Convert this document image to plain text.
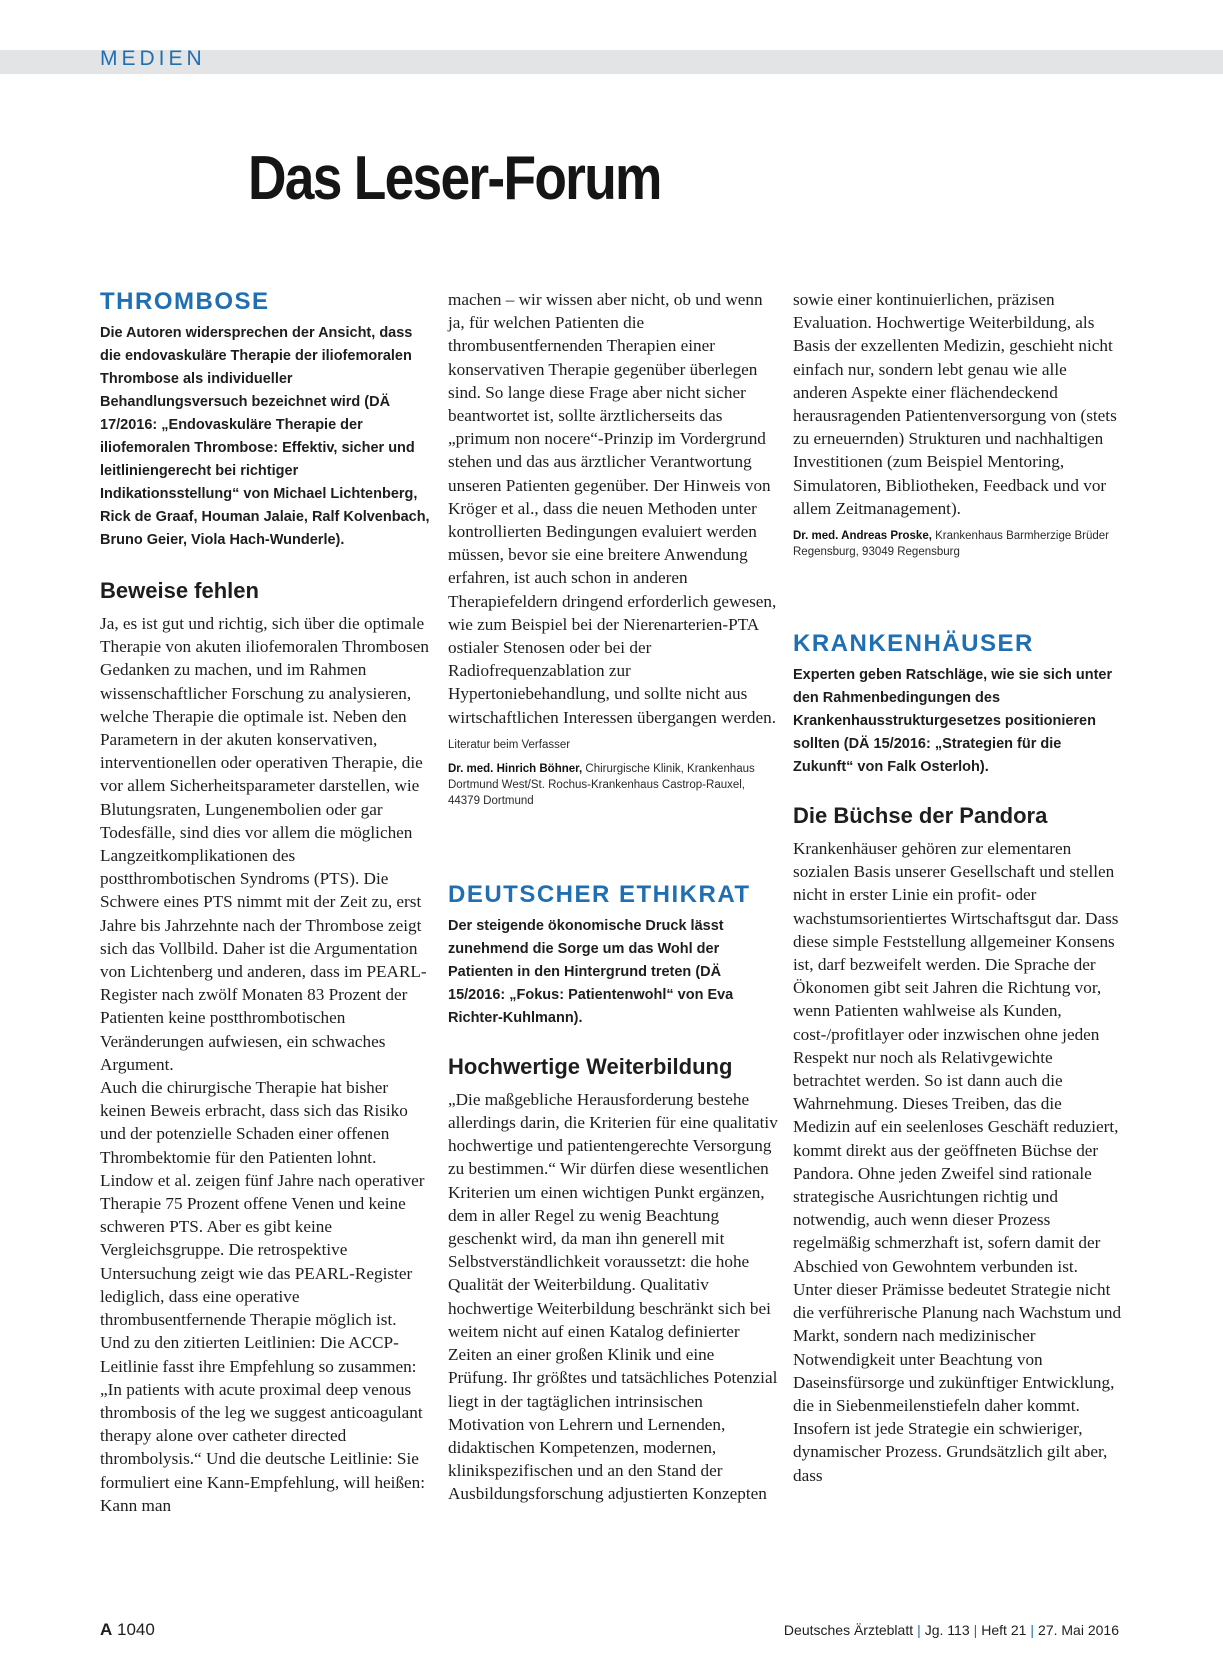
MEDIEN
Das Leser-Forum
THROMBOSE

Die Autoren widersprechen der Ansicht, dass die endovaskuläre Therapie der iliofemoralen Thrombose als individueller Behandlungsversuch bezeichnet wird (DÄ 17/2016: „Endovaskuläre Therapie der iliofemoralen Thrombose: Effektiv, sicher und leitliniengerecht bei richtiger Indikationsstellung“ von Michael Lichtenberg, Rick de Graaf, Houman Jalaie, Ralf Kolvenbach, Bruno Geier, Viola Hach-Wunderle).

Beweise fehlen

Ja, es ist gut und richtig, sich über die optimale Therapie von akuten iliofemoralen Thrombosen Gedanken zu machen, und im Rahmen wissenschaftlicher Forschung zu analysieren, welche Therapie die optimale ist. Neben den Parametern in der akuten konservativen, interventionellen oder operativen Therapie, die vor allem Sicherheitsparameter darstellen, wie Blutungsraten, Lungenembolien oder gar Todesfälle, sind dies vor allem die möglichen Langzeitkomplikationen des postthrombotischen Syndroms (PTS). Die Schwere eines PTS nimmt mit der Zeit zu, erst Jahre bis Jahrzehnte nach der Thrombose zeigt sich das Vollbild. Daher ist die Argumentation von Lichtenberg und anderen, dass im PEARL-Register nach zwölf Monaten 83 Prozent der Patienten keine postthrombotischen Veränderungen aufwiesen, ein schwaches Argument.

Auch die chirurgische Therapie hat bisher keinen Beweis erbracht, dass sich das Risiko und der potenzielle Schaden einer offenen Thrombektomie für den Patienten lohnt. Lindow et al. zeigen fünf Jahre nach operativer Therapie 75 Prozent offene Venen und keine schweren PTS. Aber es gibt keine Vergleichsgruppe. Die retrospektive Untersuchung zeigt wie das PEARL-Register lediglich, dass eine operative thrombusentfernende Therapie möglich ist.

Und zu den zitierten Leitlinien: Die ACCP-Leitlinie fasst ihre Empfehlung so zusammen: „In patients with acute proximal deep venous thrombosis of the leg we suggest anticoagulant therapy alone over catheter directed thrombolysis.“ Und die deutsche Leitlinie: Sie formuliert eine Kann-Empfehlung, will heißen: Kann man

machen – wir wissen aber nicht, ob und wenn ja, für welchen Patienten die thrombusentfernenden Therapien einer konservativen Therapie gegenüber überlegen sind. So lange diese Frage aber nicht sicher beantwortet ist, sollte ärztlicherseits das „primum non nocere“-Prinzip im Vordergrund stehen und das aus ärztlicher Verantwortung unseren Patienten gegenüber. Der Hinweis von Kröger et al., dass die neuen Methoden unter kontrollierten Bedingungen evaluiert werden müssen, bevor sie eine breitere Anwendung erfahren, ist auch schon in anderen Therapiefeldern dringend erforderlich gewesen, wie zum Beispiel bei der Nierenarterien-PTA ostialer Stenosen oder bei der Radiofrequenzablation zur Hypertoniebehandlung, und sollte nicht aus wirtschaftlichen Interessen übergangen werden.

Literatur beim Verfasser

Dr. med. Hinrich Böhner, Chirurgische Klinik, Krankenhaus Dortmund West/St. Rochus-Krankenhaus Castrop-Rauxel, 44379 Dortmund

DEUTSCHER ETHIKRAT

Der steigende ökonomische Druck lässt zunehmend die Sorge um das Wohl der Patienten in den Hintergrund treten (DÄ 15/2016: „Fokus: Patientenwohl“ von Eva Richter-Kuhlmann).

Hochwertige Weiterbildung

„Die maßgebliche Herausforderung bestehe allerdings darin, die Kriterien für eine qualitativ hochwertige und patientengerechte Versorgung zu bestimmen.“ Wir dürfen diese wesentlichen Kriterien um einen wichtigen Punkt ergänzen, dem in aller Regel zu wenig Beachtung geschenkt wird, da man ihn generell mit Selbstverständlichkeit voraussetzt: die hohe Qualität der Weiterbildung. Qualitativ hochwertige Weiterbildung beschränkt sich bei weitem nicht auf einen Katalog definierter Zeiten an einer großen Klinik und eine Prüfung. Ihr größtes und tatsächliches Potenzial liegt in der tagtäglichen intrinsischen Motivation von Lehrern und Lernenden, didaktischen Kompetenzen, modernen, klinikspezifischen und an den Stand der Ausbildungsforschung adjustierten Konzepten

sowie einer kontinuierlichen, präzisen Evaluation. Hochwertige Weiterbildung, als Basis der exzellenten Medizin, geschieht nicht einfach nur, sondern lebt genau wie alle anderen Aspekte einer flächendeckend herausragenden Patientenversorgung von (stets zu erneuernden) Strukturen und nachhaltigen Investitionen (zum Beispiel Mentoring, Simulatoren, Bibliotheken, Feedback und vor allem Zeitmanagement).

Dr. med. Andreas Proske, Krankenhaus Barmherzige Brüder Regensburg, 93049 Regensburg

KRANKENHÄUSER

Experten geben Ratschläge, wie sie sich unter den Rahmenbedingungen des Krankenhausstrukturgesetzes positionieren sollten (DÄ 15/2016: „Strategien für die Zukunft“ von Falk Osterloh).

Die Büchse der Pandora

Krankenhäuser gehören zur elementaren sozialen Basis unserer Gesellschaft und stellen nicht in erster Linie ein profit- oder wachstumsorientiertes Wirtschaftsgut dar. Dass diese simple Feststellung allgemeiner Konsens ist, darf bezweifelt werden. Die Sprache der Ökonomen gibt seit Jahren die Richtung vor, wenn Patienten wahlweise als Kunden, cost-/profitlayer oder inzwischen ohne jeden Respekt nur noch als Relativgewichte betrachtet werden. So ist dann auch die Wahrnehmung. Dieses Treiben, das die Medizin auf ein seelenloses Geschäft reduziert, kommt direkt aus der geöffneten Büchse der Pandora. Ohne jeden Zweifel sind rationale strategische Ausrichtungen richtig und notwendig, auch wenn dieser Prozess regelmäßig schmerzhaft ist, sofern damit der Abschied von Gewohntem verbunden ist.

Unter dieser Prämisse bedeutet Strategie nicht die verführerische Planung nach Wachstum und Markt, sondern nach medizinischer Notwendigkeit unter Beachtung von Daseinsfürsorge und zukünftiger Entwicklung, die in Siebenmeilenstiefeln daher kommt. Insofern ist jede Strategie ein schwieriger, dynamischer Prozess. Grundsätzlich gilt aber, dass

A 1040	Deutsches Ärzteblatt | Jg. 113 | Heft 21 | 27. Mai 2016
